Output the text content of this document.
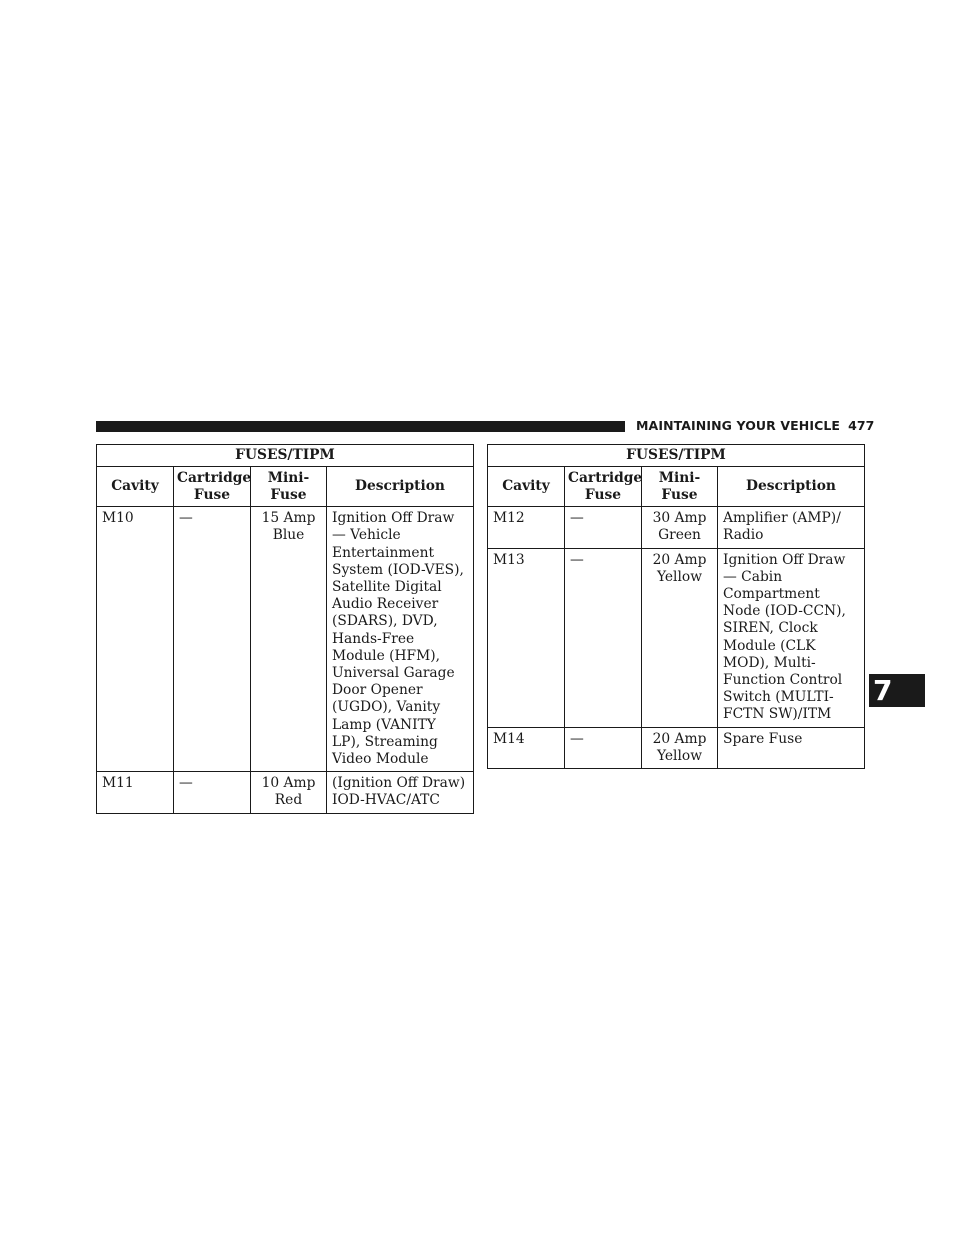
MAINTAINING YOUR VEHICLE 477
7
FUSES/TIPM			
Cavity	Cartridge Fuse	Mini-Fuse	Description
M10	—	15 Amp Blue	Ignition Off Draw — Vehicle Entertainment System (IOD-VES), Satellite Digital Audio Receiver (SDARS), DVD, Hands-Free Module (HFM), Universal Garage Door Opener (UGDO), Vanity Lamp (VANITY LP), Streaming Video Module
M11	—	10 Amp Red	(Ignition Off Draw) IOD-HVAC/ATC
FUSES/TIPM			
Cavity	Cartridge Fuse	Mini-Fuse	Description
M12	—	30 Amp Green	Amplifier (AMP)/ Radio
M13	—	20 Amp Yellow	Ignition Off Draw— Cabin Compartment Node (IOD-CCN), SIREN, Clock Module (CLK MOD), Multi-Function Control Switch (MULTI-FCTN SW)/ITM
M14	—	20 Amp Yellow	Spare Fuse
